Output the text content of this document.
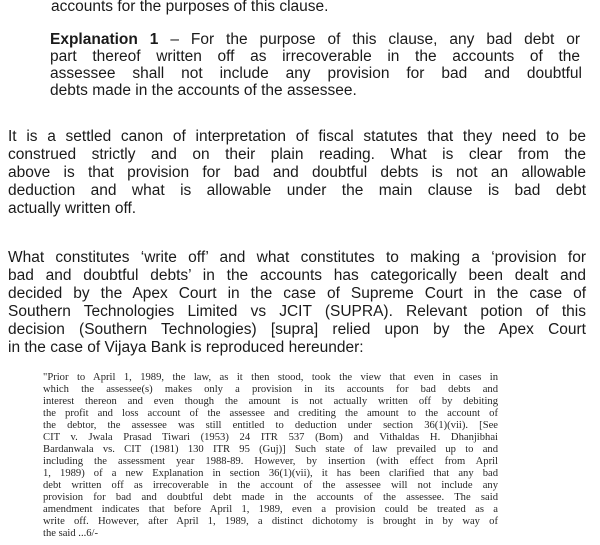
accounts for the purposes of this clause.
Explanation 1 – For the purpose of this clause, any bad debt or
part thereof written off as irrecoverable in the accounts of the
assessee shall not include any provision for bad and doubtful
debts made in the accounts of the assessee.
It is a settled canon of interpretation of fiscal statutes that they need to be
construed strictly and on their plain reading. What is clear from the
above is that provision for bad and doubtful debts is not an allowable
deduction and what is allowable under the main clause is bad debt
actually written off.
What constitutes ‘write off’ and what constitutes to making a ‘provision for
bad and doubtful debts’ in the accounts has categorically been dealt and
decided by the Apex Court in the case of Supreme Court in the case of
Southern Technologies Limited vs JCIT (SUPRA). Relevant potion of this
decision (Southern Technologies) [supra] relied upon by the Apex Court
in the case of Vijaya Bank is reproduced hereunder:
"Prior to April 1, 1989, the law, as it then stood, took the view that even in cases in
which the assessee(s) makes only a provision in its accounts for bad debts and
interest thereon and even though the amount is not actually written off by debiting
the profit and loss account of the assessee and crediting the amount to the account of
the debtor, the assessee was still entitled to deduction under section 36(1)(vii). [See
CIT v. Jwala Prasad Tiwari (1953) 24 ITR 537 (Bom) and Vithaldas H. Dhanjibhai
Bardanwala vs. CIT (1981) 130 ITR 95 (Guj)] Such state of law prevailed up to and
including the assessment year 1988-89. However, by insertion (with effect from April
1, 1989) of a new Explanation in section 36(1)(vii), it has been clarified that any bad
debt written off as irrecoverable in the account of the assessee will not include any
provision for bad and doubtful debt made in the accounts of the assessee. The said
amendment indicates that before April 1, 1989, even a provision could be treated as a
write off. However, after April 1, 1989, a distinct dichotomy is brought in by way of
the said ...6/-
